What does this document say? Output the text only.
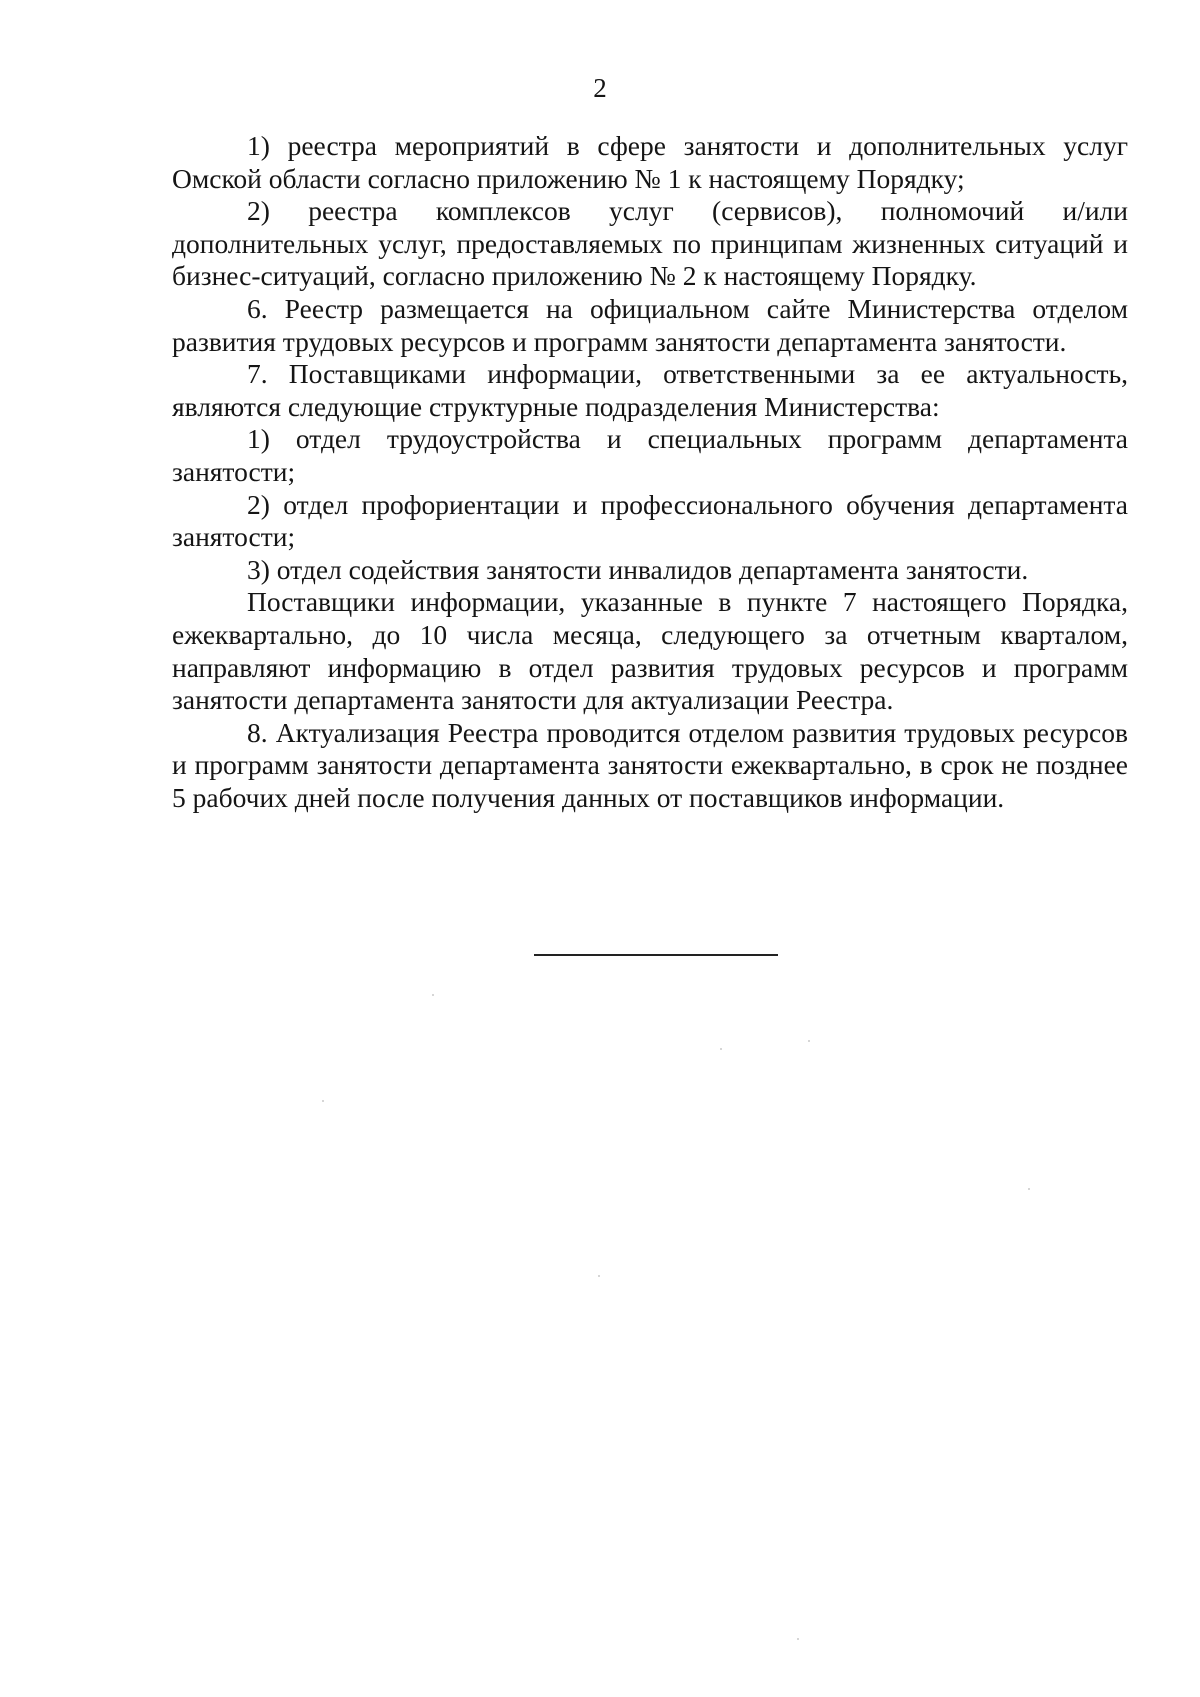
2

1) реестра мероприятий в сфере занятости и дополнительных услуг Омской области согласно приложению № 1 к настоящему Порядку;

2) реестра комплексов услуг (сервисов), полномочий и/или дополнительных услуг, предоставляемых по принципам жизненных ситуаций и бизнес-ситуаций, согласно приложению № 2 к настоящему Порядку.

6. Реестр размещается на официальном сайте Министерства отделом развития трудовых ресурсов и программ занятости департамента занятости.

7. Поставщиками информации, ответственными за ее актуальность, являются следующие структурные подразделения Министерства:

1) отдел трудоустройства и специальных программ департамента занятости;

2) отдел профориентации и профессионального обучения департамента занятости;

3) отдел содействия занятости инвалидов департамента занятости.

Поставщики информации, указанные в пункте 7 настоящего Порядка, ежеквартально, до 10 числа месяца, следующего за отчетным кварталом, направляют информацию в отдел развития трудовых ресурсов и программ занятости департамента занятости для актуализации Реестра.

8. Актуализация Реестра проводится отделом развития трудовых ресурсов и программ занятости департамента занятости ежеквартально, в срок не позднее 5 рабочих дней после получения данных от поставщиков информации.
